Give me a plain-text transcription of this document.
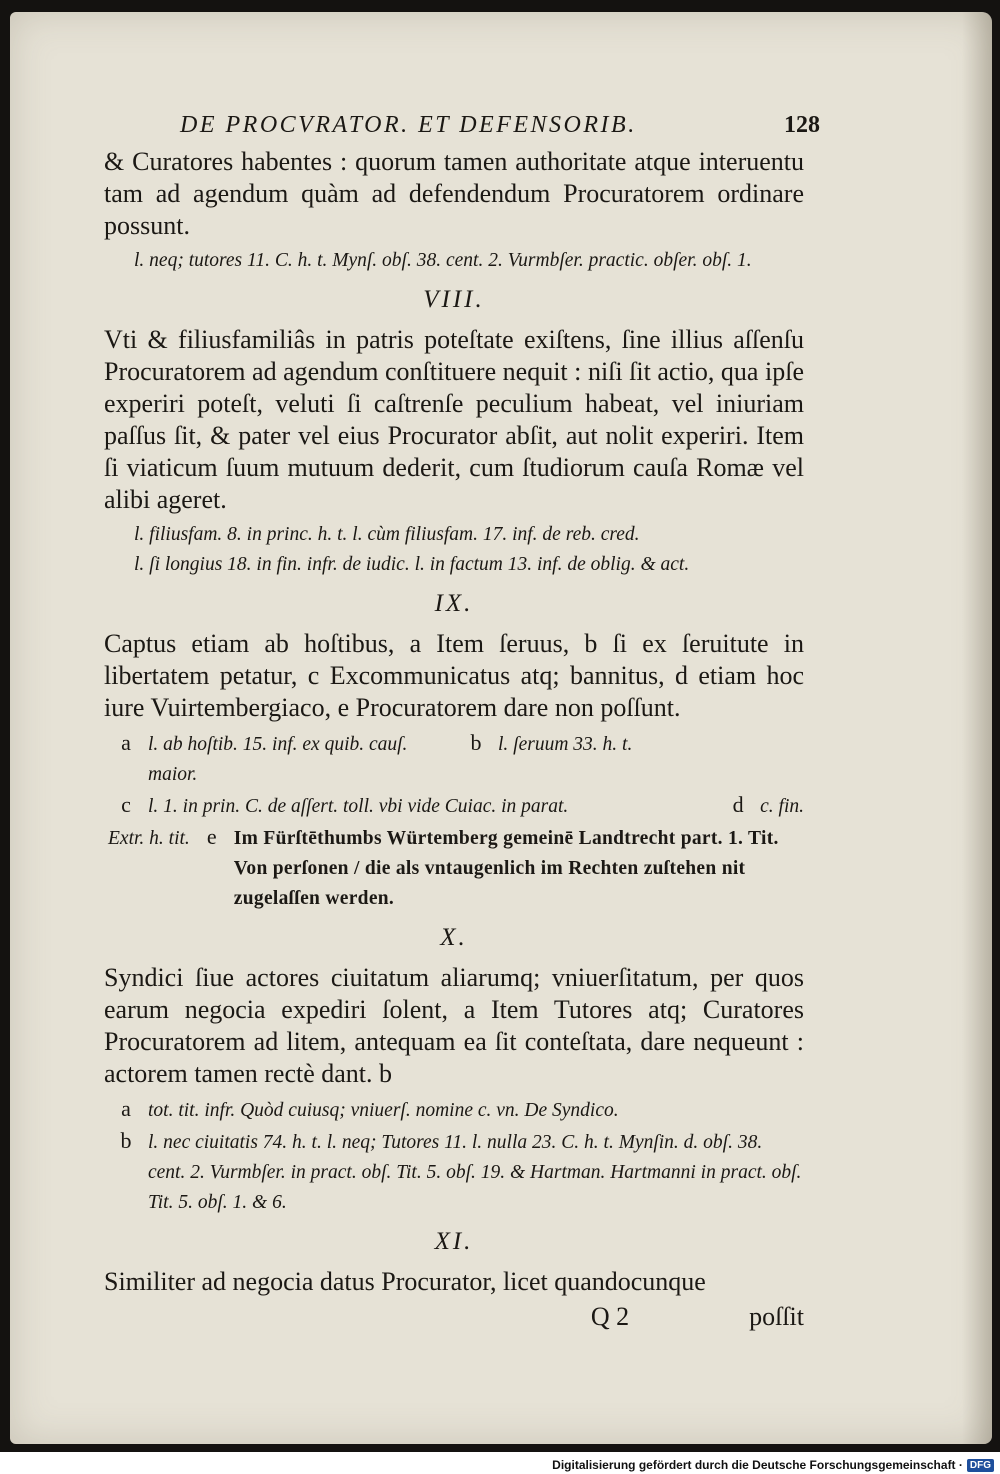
DE PROCVRATOR. ET DEFENSORIB.	128

& Curatores habentes : quorum tamen authoritate atque interuentu tam ad agendum quàm ad defendendum Procuratorem ordinare possunt.

l. neq; tutores 11. C. h. t. Mynſ. obſ. 38. cent. 2. Vurmbſer. practic. obſer. obſ. 1.

VIII.

Vti & filiusfamiliâs in patris poteſtate exiſtens, ſine illius aſſenſu Procuratorem ad agendum conſtituere nequit : niſi ſit actio, qua ipſe experiri poteſt, veluti ſi caſtrenſe peculium habeat, vel iniuriam paſſus ſit, & pater vel eius Procurator abſit, aut nolit experiri. Item ſi viaticum ſuum mutuum dederit, cum ſtudiorum cauſa Romæ vel alibi ageret.

l. filiusfam. 8. in princ. h. t. l. cùm filiusfam. 17. inf. de reb. cred.

l. ſi longius 18. in fin. infr. de iudic. l. in factum 13. inf. de oblig. & act.

IX.

Captus etiam ab hoſtibus, a Item ſeruus, b ſi ex ſeruitute in libertatem petatur, c Excommunicatus atq; bannitus, d etiam hoc iure Vuirtembergiaco, e Procuratorem dare non poſſunt.

a l. ab hoſtib. 15. inf. ex quib. cauſ. maior.
b l. ſeruum 33. h. t.
c l. 1. in prin. C. de aſſert. toll. vbi vide Cuiac. in parat.	d c. fin.
Extr. h. tit. e Im Fürſtēthumbs Würtemberg gemeinē Landtrecht part. 1. Tit. Von perſonen / die als vntaugenlich im Rechten zuſtehen nit zugelaſſen werden.
X.

Syndici ſiue actores ciuitatum aliarumq; vniuerſitatum, per quos earum negocia expediri ſolent, a Item Tutores atq; Curatores Procuratorem ad litem, antequam ea ſit conteſtata, dare nequeunt : actorem tamen rectè dant. b

a tot. tit. infr. Quòd cuiusq; vniuerſ. nomine c. vn. De Syndico.
b l. nec ciuitatis 74. h. t. l. neq; Tutores 11. l. nulla 23. C. h. t. Mynſin. d. obſ. 38. cent. 2. Vurmbſer. in pract. obſ. Tit. 5. obſ. 19. & Hartman. Hartmanni in pract. obſ. Tit. 5. obſ. 1. & 6.
XI.

Similiter ad negocia datus Procurator, licet quandocunque

Q 2	poſſit
Digitalisierung gefördert durch die Deutsche Forschungsgemeinschaft · DFG
